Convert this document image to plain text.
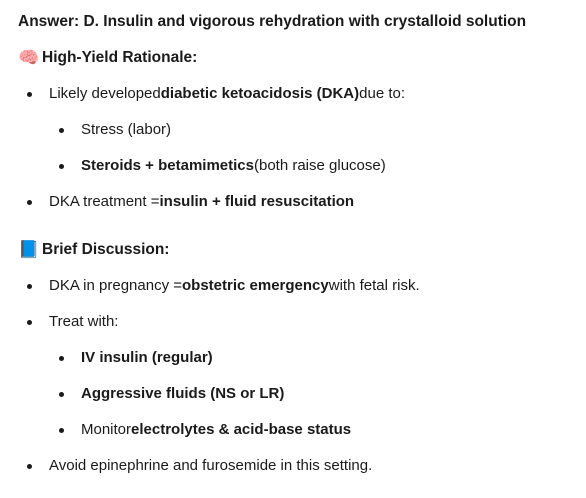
Answer: D. Insulin and vigorous rehydration with crystalloid solution
🧠 High-Yield Rationale:
Likely developed diabetic ketoacidosis (DKA) due to:
Stress (labor)
Steroids + betamimetics (both raise glucose)
DKA treatment = insulin + fluid resuscitation
📘 Brief Discussion:
DKA in pregnancy = obstetric emergency with fetal risk.
Treat with:
IV insulin (regular)
Aggressive fluids (NS or LR)
Monitor electrolytes & acid-base status
Avoid epinephrine and furosemide in this setting.
